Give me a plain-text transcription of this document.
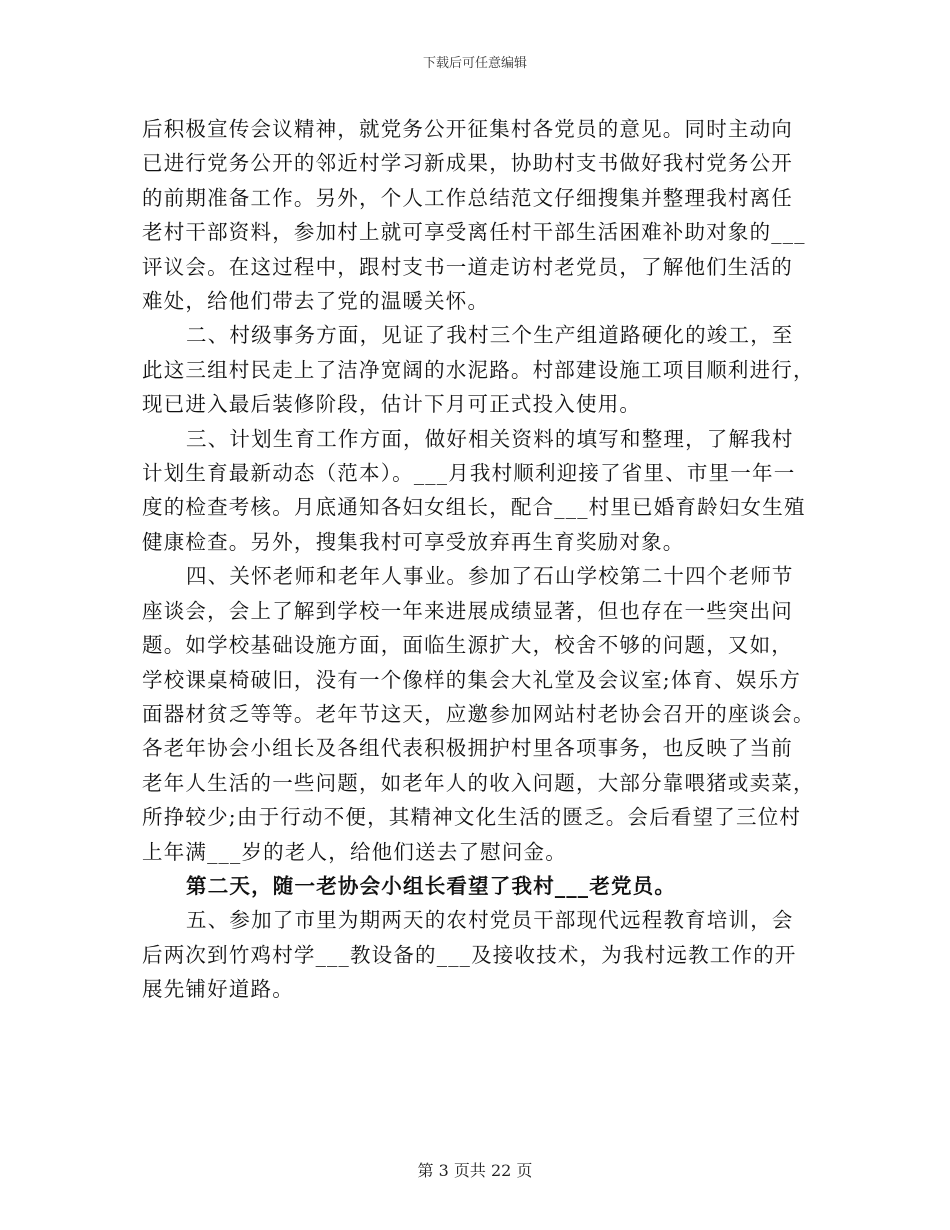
下载后可任意编辑

后积极宣传会议精神，就党务公开征集村各党员的意见。同时主动向
已进行党务公开的邻近村学习新成果，协助村支书做好我村党务公开
的前期准备工作。另外，个人工作总结范文仔细搜集并整理我村离任
老村干部资料，参加村上就可享受离任村干部生活困难补助对象的___
评议会。在这过程中，跟村支书一道走访村老党员，了解他们生活的
难处，给他们带去了党的温暖关怀。

二、村级事务方面，见证了我村三个生产组道路硬化的竣工，至
此这三组村民走上了洁净宽阔的水泥路。村部建设施工项目顺利进行，
现已进入最后装修阶段，估计下月可正式投入使用。

三、计划生育工作方面，做好相关资料的填写和整理，了解我村
计划生育最新动态（范本）。___月我村顺利迎接了省里、市里一年一
度的检查考核。月底通知各妇女组长，配合___村里已婚育龄妇女生殖
健康检查。另外，搜集我村可享受放弃再生育奖励对象。

四、关怀老师和老年人事业。参加了石山学校第二十四个老师节
座谈会，会上了解到学校一年来进展成绩显著，但也存在一些突出问
题。如学校基础设施方面，面临生源扩大，校舍不够的问题，又如，
学校课桌椅破旧，没有一个像样的集会大礼堂及会议室;体育、娱乐方
面器材贫乏等等。老年节这天，应邀参加网站村老协会召开的座谈会。
各老年协会小组长及各组代表积极拥护村里各项事务，也反映了当前
老年人生活的一些问题，如老年人的收入问题，大部分靠喂猪或卖菜，
所挣较少;由于行动不便，其精神文化生活的匮乏。会后看望了三位村
上年满___岁的老人，给他们送去了慰问金。

第二天，随一老协会小组长看望了我村___老党员。

五、参加了市里为期两天的农村党员干部现代远程教育培训，会
后两次到竹鸡村学___教设备的___及接收技术，为我村远教工作的开
展先铺好道路。

第 3 页共 22 页
